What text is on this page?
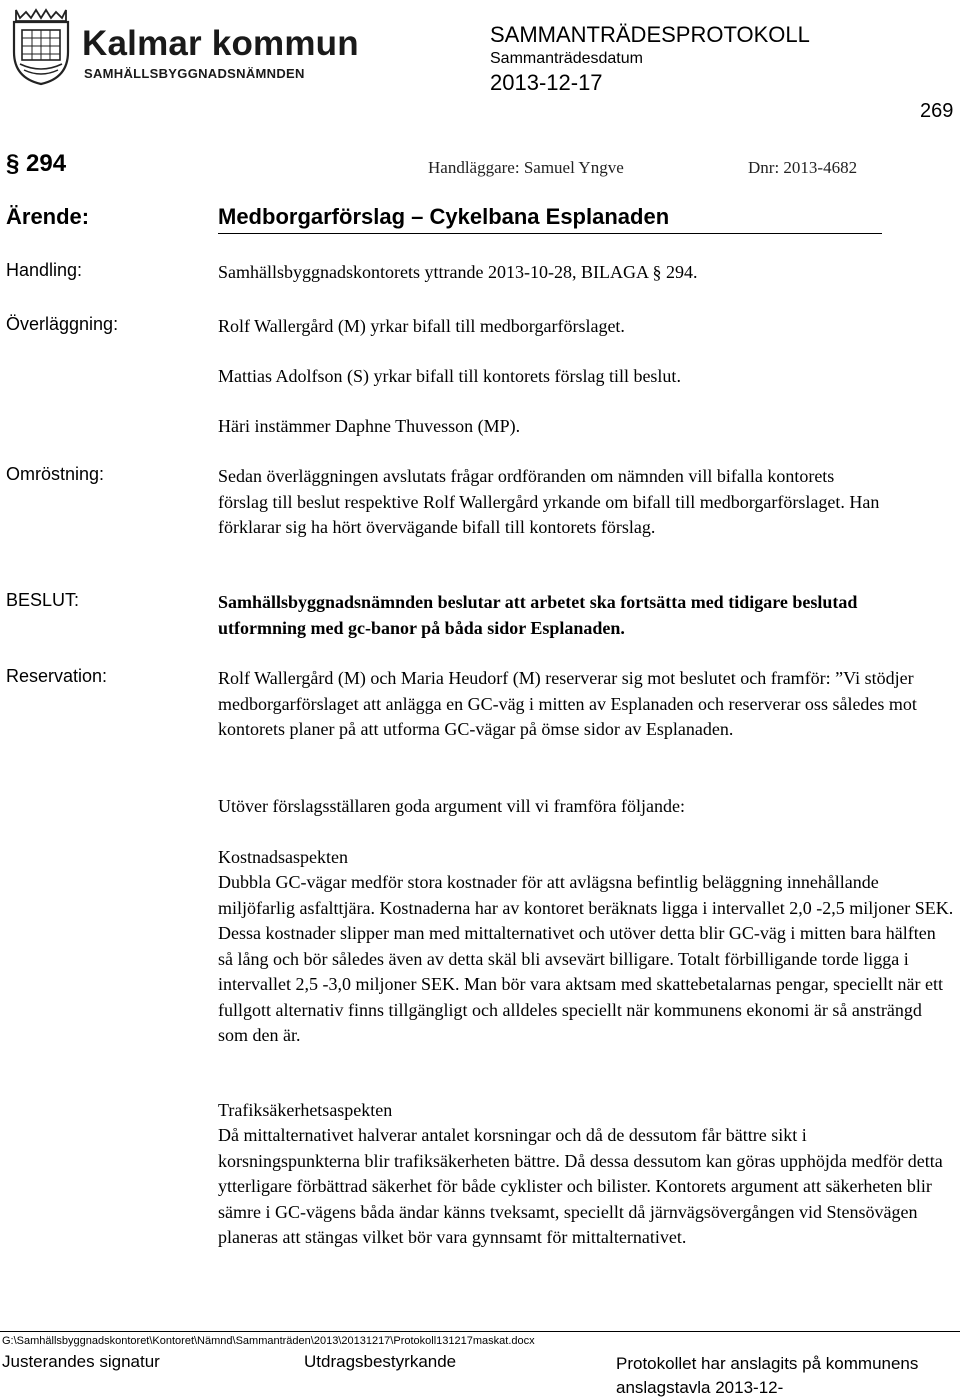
Kalmar kommun
SAMHÄLLSBYGGNADSNÄMNDEN
SAMMANTRÄDESPROTOKOLL
Sammanträdesdatum
2013-12-17
269
§ 294	Handläggare: Samuel Yngve	Dnr: 2013-4682
Ärende:	Medborgarförslag – Cykelbana Esplanaden
Handling:	Samhällsbyggnadskontorets yttrande 2013-10-28, BILAGA § 294.
Överläggning:	Rolf Wallergård (M) yrkar bifall till medborgarförslaget.
Mattias Adolfson (S) yrkar bifall till kontorets förslag till beslut.
Häri instämmer Daphne Thuvesson (MP).
Omröstning:	Sedan överläggningen avslutats frågar ordföranden om nämnden vill bifalla kontorets förslag till beslut respektive Rolf Wallergård yrkande om bifall till medborgarförslaget. Han förklarar sig ha hört övervägande bifall till kontorets förslag.
BESLUT:	Samhällsbyggnadsnämnden beslutar att arbetet ska fortsätta med tidigare beslutad utformning med gc-banor på båda sidor Esplanaden.
Reservation:	Rolf Wallergård (M) och Maria Heudorf (M) reserverar sig mot beslutet och framför: ”Vi stödjer medborgarförslaget att anlägga en GC-väg i mitten av Esplanaden och reserverar oss således mot kontorets planer på att utforma GC-vägar på ömse sidor av Esplanaden.
Utöver förslagsställaren goda argument vill vi framföra följande:
Kostnadsaspekten
Dubbla GC-vägar medför stora kostnader för att avlägsna befintlig beläggning innehållande miljöfarlig asfalttjära. Kostnaderna har av kontoret beräknats ligga i intervallet 2,0 -2,5 miljoner SEK. Dessa kostnader slipper man med mittalternativet och utöver detta blir GC-väg i mitten bara hälften så lång och bör således även av detta skäl bli avsevärt billigare. Totalt förbilligande torde ligga i intervallet 2,5 -3,0 miljoner SEK. Man bör vara aktsam med skattebetalarnas pengar, speciellt när ett fullgott alternativ finns tillgängligt och alldeles speciellt när kommunens ekonomi är så ansträngd som den är.
Trafiksäkerhetsaspekten
Då mittalternativet halverar antalet korsningar och då de dessutom får bättre sikt i korsningspunkterna blir trafiksäkerheten bättre. Då dessa dessutom kan göras upphöjda medför detta ytterligare förbättrad säkerhet för både cyklister och bilister. Kontorets argument att säkerheten blir sämre i GC-vägens båda ändar känns tveksamt, speciellt då järnvägsövergången vid Stensövägen planeras att stängas vilket bör vara gynnsamt för mittalternativet.
G:\Samhällsbyggnadskontoret\Kontoret\Nämnd\Sammanträden\2013\20131217\Protokoll131217maskat.docx
Justerandes signatur	Utdragsbestyrkande	Protokollet har anslagits på kommunens anslagstavla 2013-12-
